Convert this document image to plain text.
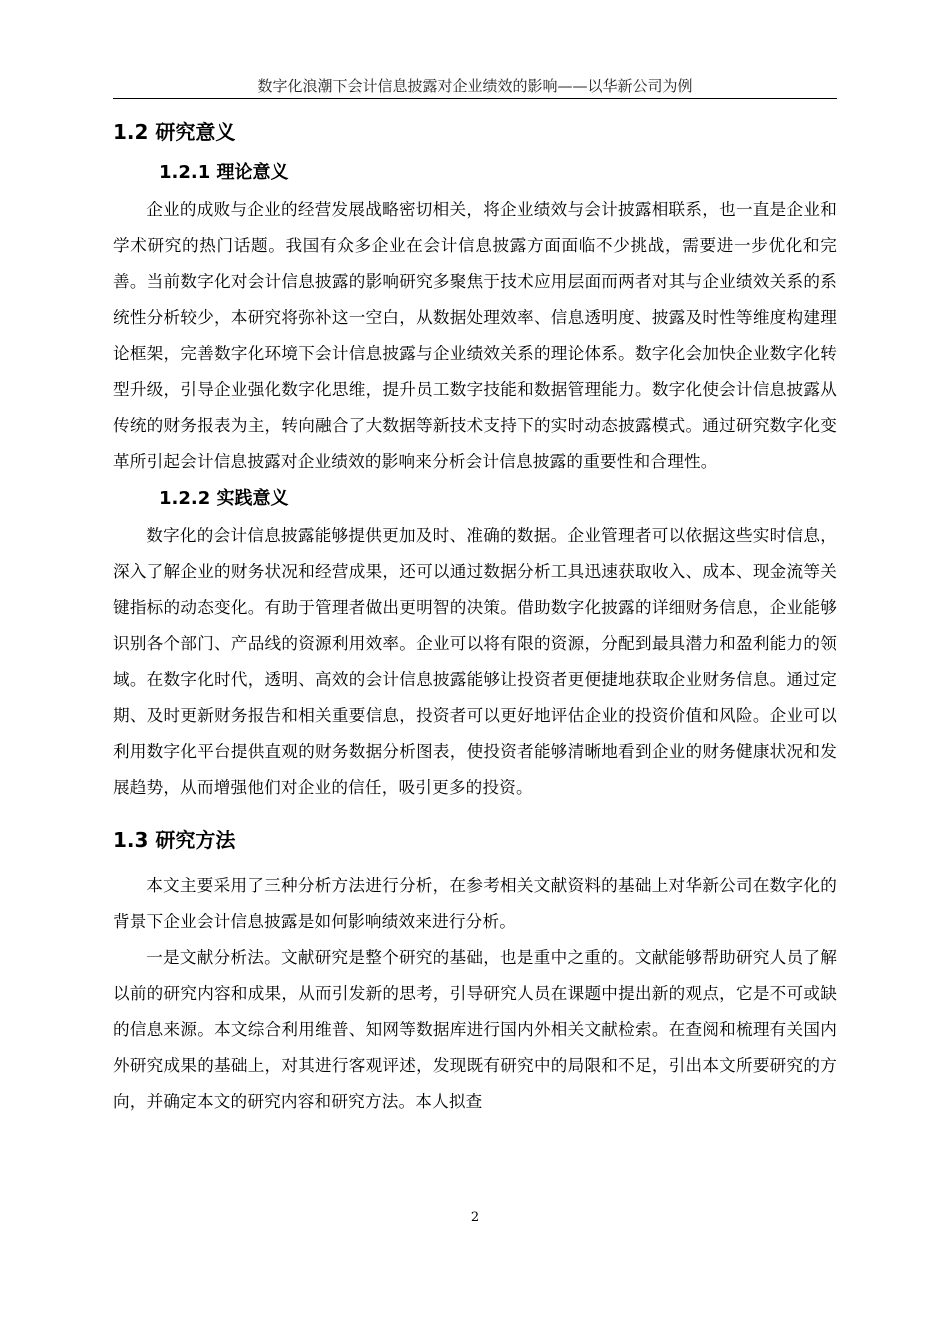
数字化浪潮下会计信息披露对企业绩效的影响——以华新公司为例
1.2 研究意义
1.2.1 理论意义

企业的成败与企业的经营发展战略密切相关，将企业绩效与会计披露相联系，也一直是企业和学术研究的热门话题。我国有众多企业在会计信息披露方面面临不少挑战，需要进一步优化和完善。当前数字化对会计信息披露的影响研究多聚焦于技术应用层面而两者对其与企业绩效关系的系统性分析较少，本研究将弥补这一空白，从数据处理效率、信息透明度、披露及时性等维度构建理论框架，完善数字化环境下会计信息披露与企业绩效关系的理论体系。数字化会加快企业数字化转型升级，引导企业强化数字化思维，提升员工数字技能和数据管理能力。数字化使会计信息披露从传统的财务报表为主，转向融合了大数据等新技术支持下的实时动态披露模式。通过研究数字化变革所引起会计信息披露对企业绩效的影响来分析会计信息披露的重要性和合理性。

1.2.2 实践意义

数字化的会计信息披露能够提供更加及时、准确的数据。企业管理者可以依据这些实时信息，深入了解企业的财务状况和经营成果，还可以通过数据分析工具迅速获取收入、成本、现金流等关键指标的动态变化。有助于管理者做出更明智的决策。借助数字化披露的详细财务信息，企业能够识别各个部门、产品线的资源利用效率。企业可以将有限的资源，分配到最具潜力和盈利能力的领域。在数字化时代，透明、高效的会计信息披露能够让投资者更便捷地获取企业财务信息。通过定期、及时更新财务报告和相关重要信息，投资者可以更好地评估企业的投资价值和风险。企业可以利用数字化平台提供直观的财务数据分析图表，使投资者能够清晰地看到企业的财务健康状况和发展趋势，从而增强他们对企业的信任，吸引更多的投资。

1.3 研究方法

本文主要采用了三种分析方法进行分析，在参考相关文献资料的基础上对华新公司在数字化的背景下企业会计信息披露是如何影响绩效来进行分析。

一是文献分析法。文献研究是整个研究的基础，也是重中之重的。文献能够帮助研究人员了解以前的研究内容和成果，从而引发新的思考，引导研究人员在课题中提出新的观点，它是不可或缺的信息来源。本文综合利用维普、知网等数据库进行国内外相关文献检索。在查阅和梳理有关国内外研究成果的基础上，对其进行客观评述，发现既有研究中的局限和不足，引出本文所要研究的方向，并确定本文的研究内容和研究方法。本人拟查

2
